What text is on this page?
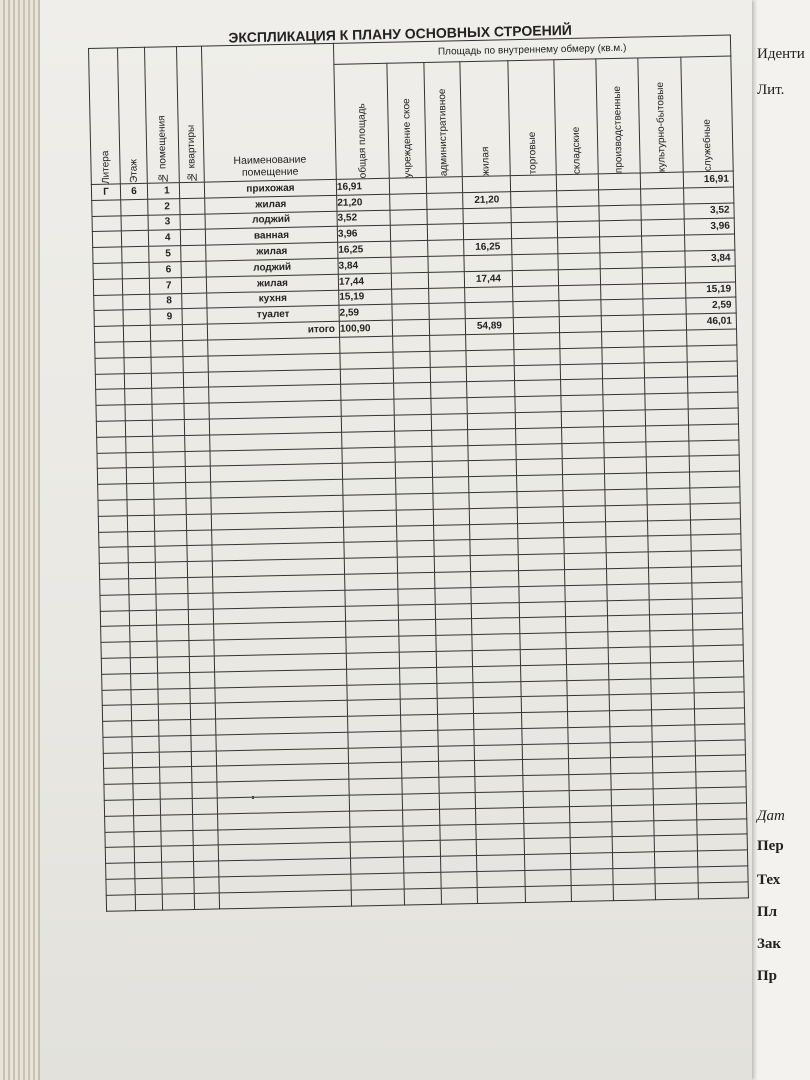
Иденти
Лит.
Дат
Пер
Тех
Пл
Зак
Пр
ЭКСПЛИКАЦИЯ К ПЛАНУ ОСНОВНЫХ СТРОЕНИЙ
Литера	Этаж	№ помещения	№ квартиры	Наименование помещение	Площадь по внутреннему обмеру (кв.м.)								

					общая площадь	учреждение ское	административное	жилая	торговые	складские	производственные	культурно-бытовые	служебные

Г	6	1		прихожая	16,91								16,91
		2		жилая	21,20			21,20					
		3		лоджий	3,52								3,52
		4		ванная	3,96								3,96
		5		жилая	16,25			16,25					
		6		лоджий	3,84								3,84
		7		жилая	17,44			17,44					
		8		кухня	15,19								15,19
		9		туалет	2,59								2,59
				итого	100,90			54,89					46,01
